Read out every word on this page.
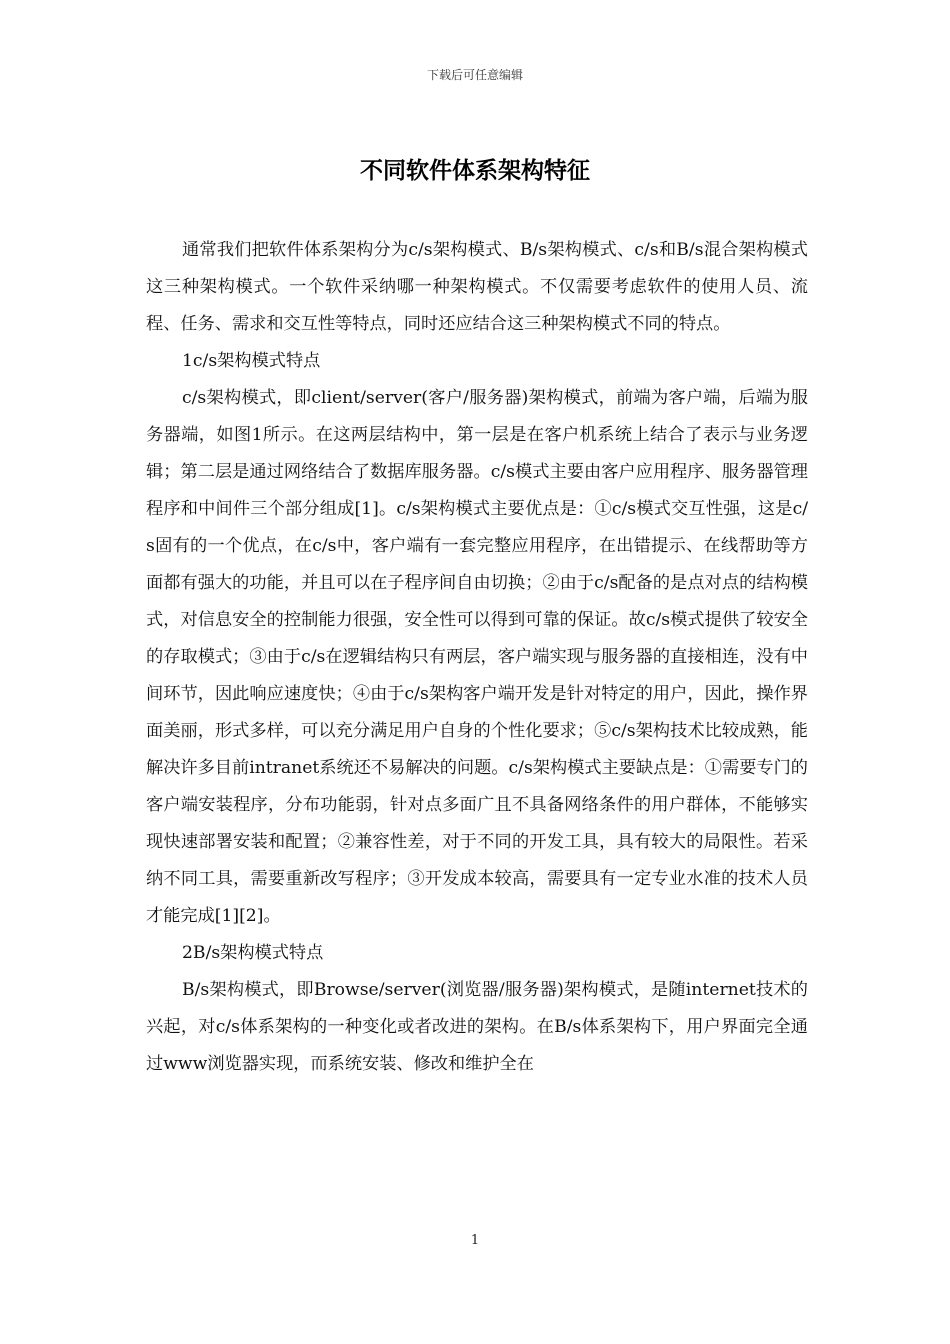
下载后可任意编辑
不同软件体系架构特征

通常我们把软件体系架构分为c/s架构模式、B/s架构模式、c/s和B/s混合架构模式这三种架构模式。一个软件采纳哪一种架构模式。不仅需要考虑软件的使用人员、流程、任务、需求和交互性等特点，同时还应结合这三种架构模式不同的特点。

1c/s架构模式特点

c/s架构模式，即client/server(客户/服务器)架构模式，前端为客户端，后端为服务器端，如图1所示。在这两层结构中，第一层是在客户机系统上结合了表示与业务逻辑；第二层是通过网络结合了数据库服务器。c/s模式主要由客户应用程序、服务器管理程序和中间件三个部分组成[1]。c/s架构模式主要优点是：①c/s模式交互性强，这是c/s固有的一个优点，在c/s中，客户端有一套完整应用程序，在出错提示、在线帮助等方面都有强大的功能，并且可以在子程序间自由切换；②由于c/s配备的是点对点的结构模式，对信息安全的控制能力很强，安全性可以得到可靠的保证。故c/s模式提供了较安全的存取模式；③由于c/s在逻辑结构只有两层，客户端实现与服务器的直接相连，没有中间环节，因此响应速度快；④由于c/s架构客户端开发是针对特定的用户，因此，操作界面美丽，形式多样，可以充分满足用户自身的个性化要求；⑤c/s架构技术比较成熟，能解决许多目前intranet系统还不易解决的问题。c/s架构模式主要缺点是：①需要专门的客户端安装程序，分布功能弱，针对点多面广且不具备网络条件的用户群体，不能够实现快速部署安装和配置；②兼容性差，对于不同的开发工具，具有较大的局限性。若采纳不同工具，需要重新改写程序；③开发成本较高，需要具有一定专业水准的技术人员才能完成[1][2]。

2B/s架构模式特点

B/s架构模式，即Browse/server(浏览器/服务器)架构模式，是随internet技术的兴起，对c/s体系架构的一种变化或者改进的架构。在B/s体系架构下，用户界面完全通过www浏览器实现，而系统安装、修改和维护全在

1
